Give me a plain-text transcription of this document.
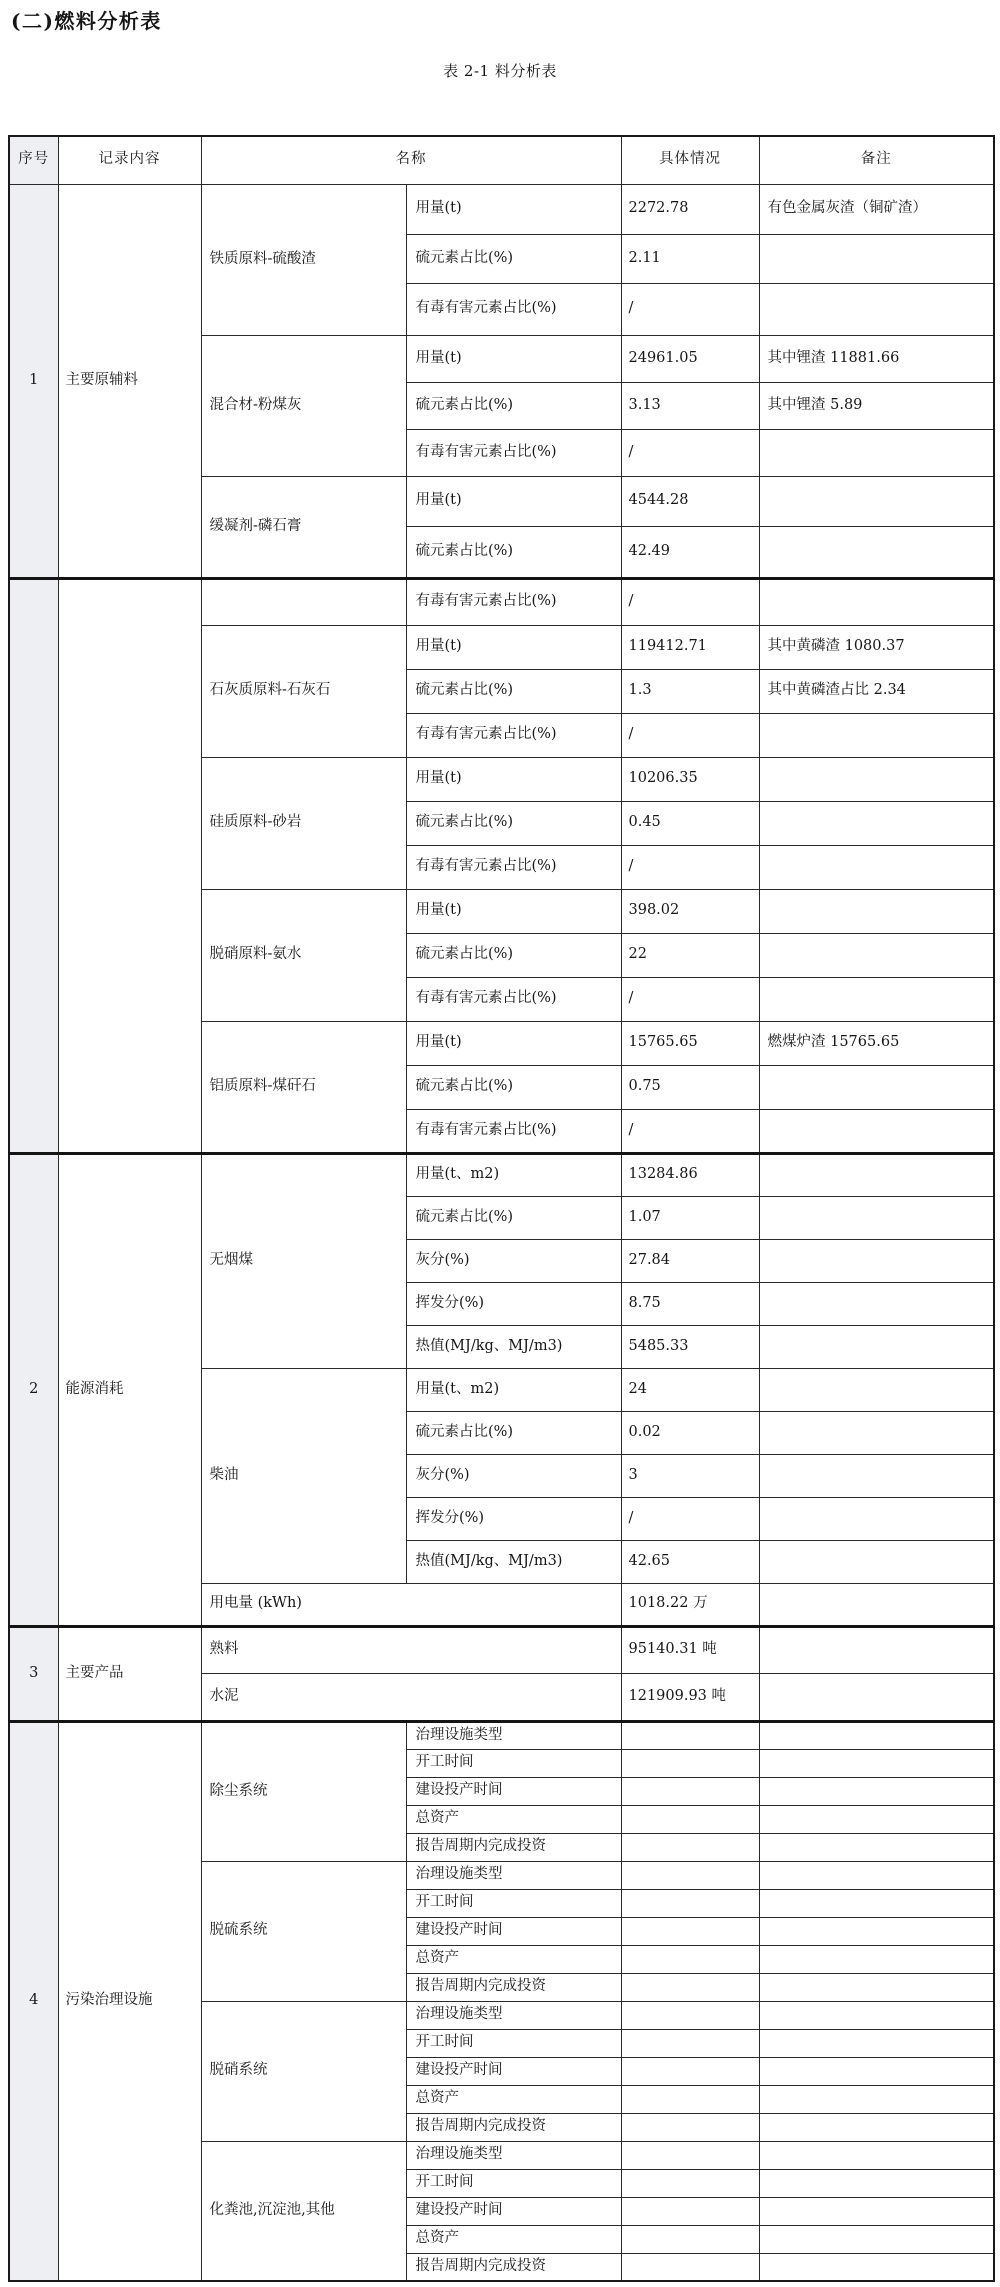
(二)燃料分析表
表 2-1 料分析表
序号	记录内容	名称		具体情况	备注
1	主要原辅料	铁质原料-硫酸渣	用量(t)	2272.78	有色金属灰渣（铜矿渣）
			硫元素占比(%)	2.11	
			有毒有害元素占比(%)	/	
		混合材-粉煤灰	用量(t)	24961.05	其中锂渣 11881.66
			硫元素占比(%)	3.13	其中锂渣 5.89
			有毒有害元素占比(%)	/	
		缓凝剂-磷石膏	用量(t)	4544.28	
			硫元素占比(%)	42.49	
			有毒有害元素占比(%)	/	
		石灰质原料-石灰石	用量(t)	119412.71	其中黄磷渣 1080.37
			硫元素占比(%)	1.3	其中黄磷渣占比 2.34
			有毒有害元素占比(%)	/	
		硅质原料-砂岩	用量(t)	10206.35	
			硫元素占比(%)	0.45	
			有毒有害元素占比(%)	/	
		脱硝原料-氨水	用量(t)	398.02	
			硫元素占比(%)	22	
			有毒有害元素占比(%)	/	
		铝质原料-煤矸石	用量(t)	15765.65	燃煤炉渣 15765.65
			硫元素占比(%)	0.75	
			有毒有害元素占比(%)	/	
2	能源消耗	无烟煤	用量(t、m2)	13284.86	
			硫元素占比(%)	1.07	
			灰分(%)	27.84	
			挥发分(%)	8.75	
			热值(MJ/kg、MJ/m3)	5485.33	
		柴油	用量(t、m2)	24	
			硫元素占比(%)	0.02	
			灰分(%)	3	
			挥发分(%)	/	
			热值(MJ/kg、MJ/m3)	42.65	
		用电量 (kWh)		1018.22 万	
3	主要产品	熟料		95140.31 吨	
		水泥		121909.93 吨	
4	污染治理设施	除尘系统	治理设施类型		
			开工时间		
			建设投产时间		
			总资产		
			报告周期内完成投资		
		脱硫系统	治理设施类型		
			开工时间		
			建设投产时间		
			总资产		
			报告周期内完成投资		
		脱硝系统	治理设施类型		
			开工时间		
			建设投产时间		
			总资产		
			报告周期内完成投资		
		化粪池,沉淀池,其他	治理设施类型		
			开工时间		
			建设投产时间		
			总资产		
			报告周期内完成投资		
